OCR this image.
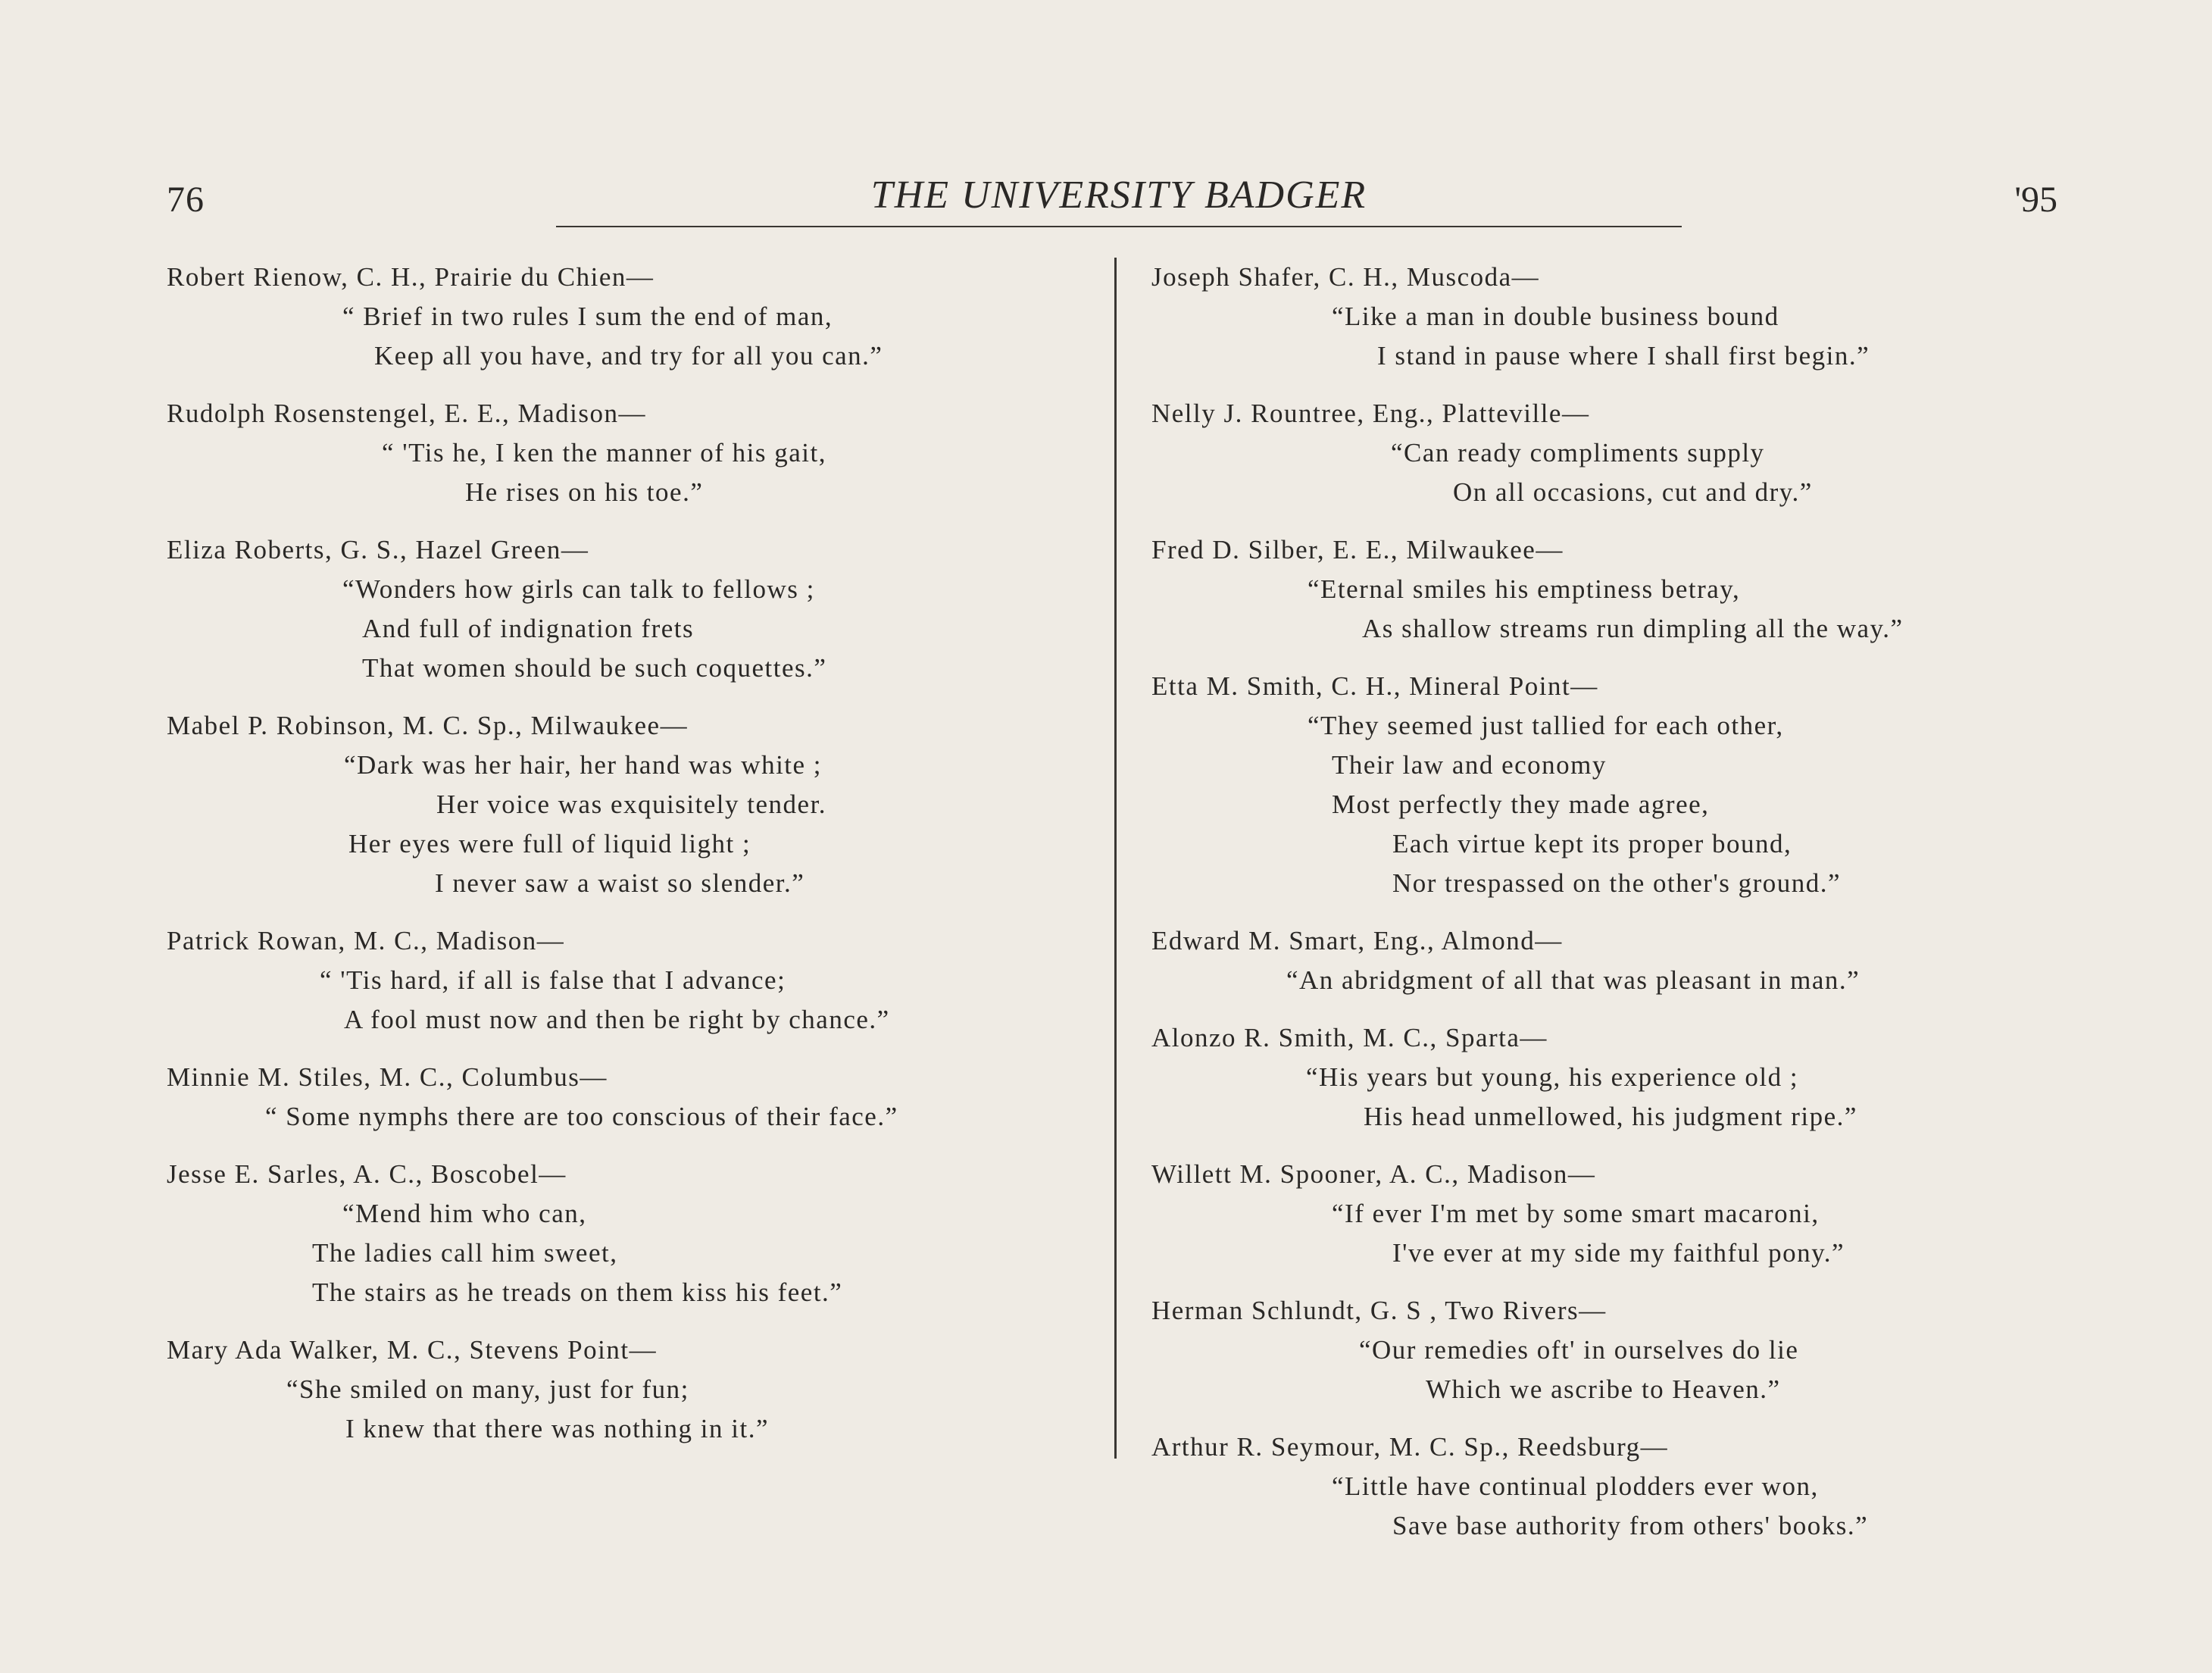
76	THE UNIVERSITY BADGER	'95
Robert Rienow, C. H., Prairie du Chien—
“ Brief in two rules I sum the end of man,
Keep all you have, and try for all you can.”
Rudolph Rosenstengel, E. E., Madison—
“ 'Tis he, I ken the manner of his gait,
He rises on his toe.”
Eliza Roberts, G. S., Hazel Green—
“Wonders how girls can talk to fellows ;
And full of indignation frets
That women should be such coquettes.”
Mabel P. Robinson, M. C. Sp., Milwaukee—
“Dark was her hair, her hand was white ;
Her voice was exquisitely tender.
Her eyes were full of liquid light ;
I never saw a waist so slender.”
Patrick Rowan, M. C., Madison—
“ 'Tis hard, if all is false that I advance;
A fool must now and then be right by chance.”
Minnie M. Stiles, M. C., Columbus—
“ Some nymphs there are too conscious of their face.”
Jesse E. Sarles, A. C., Boscobel—
“Mend him who can,
The ladies call him sweet,
The stairs as he treads on them kiss his feet.”
Mary Ada Walker, M. C., Stevens Point—
“She smiled on many, just for fun;
I knew that there was nothing in it.”
Joseph Shafer, C. H., Muscoda—
“Like a man in double business bound
I stand in pause where I shall first begin.”
Nelly J. Rountree, Eng., Platteville—
“Can ready compliments supply
On all occasions, cut and dry.”
Fred D. Silber, E. E., Milwaukee—
“Eternal smiles his emptiness betray,
As shallow streams run dimpling all the way.”
Etta M. Smith, C. H., Mineral Point—
“They seemed just tallied for each other,
Their law and economy
Most perfectly they made agree,
Each virtue kept its proper bound,
Nor trespassed on the other's ground.”
Edward M. Smart, Eng., Almond—
“An abridgment of all that was pleasant in man.”
Alonzo R. Smith, M. C., Sparta—
“His years but young, his experience old ;
His head unmellowed, his judgment ripe.”
Willett M. Spooner, A. C., Madison—
“If ever I'm met by some smart macaroni,
I've ever at my side my faithful pony.”
Herman Schlundt, G. S , Two Rivers—
“Our remedies oft' in ourselves do lie
Which we ascribe to Heaven.”
Arthur R. Seymour, M. C. Sp., Reedsburg—
“Little have continual plodders ever won,
Save base authority from others' books.”
